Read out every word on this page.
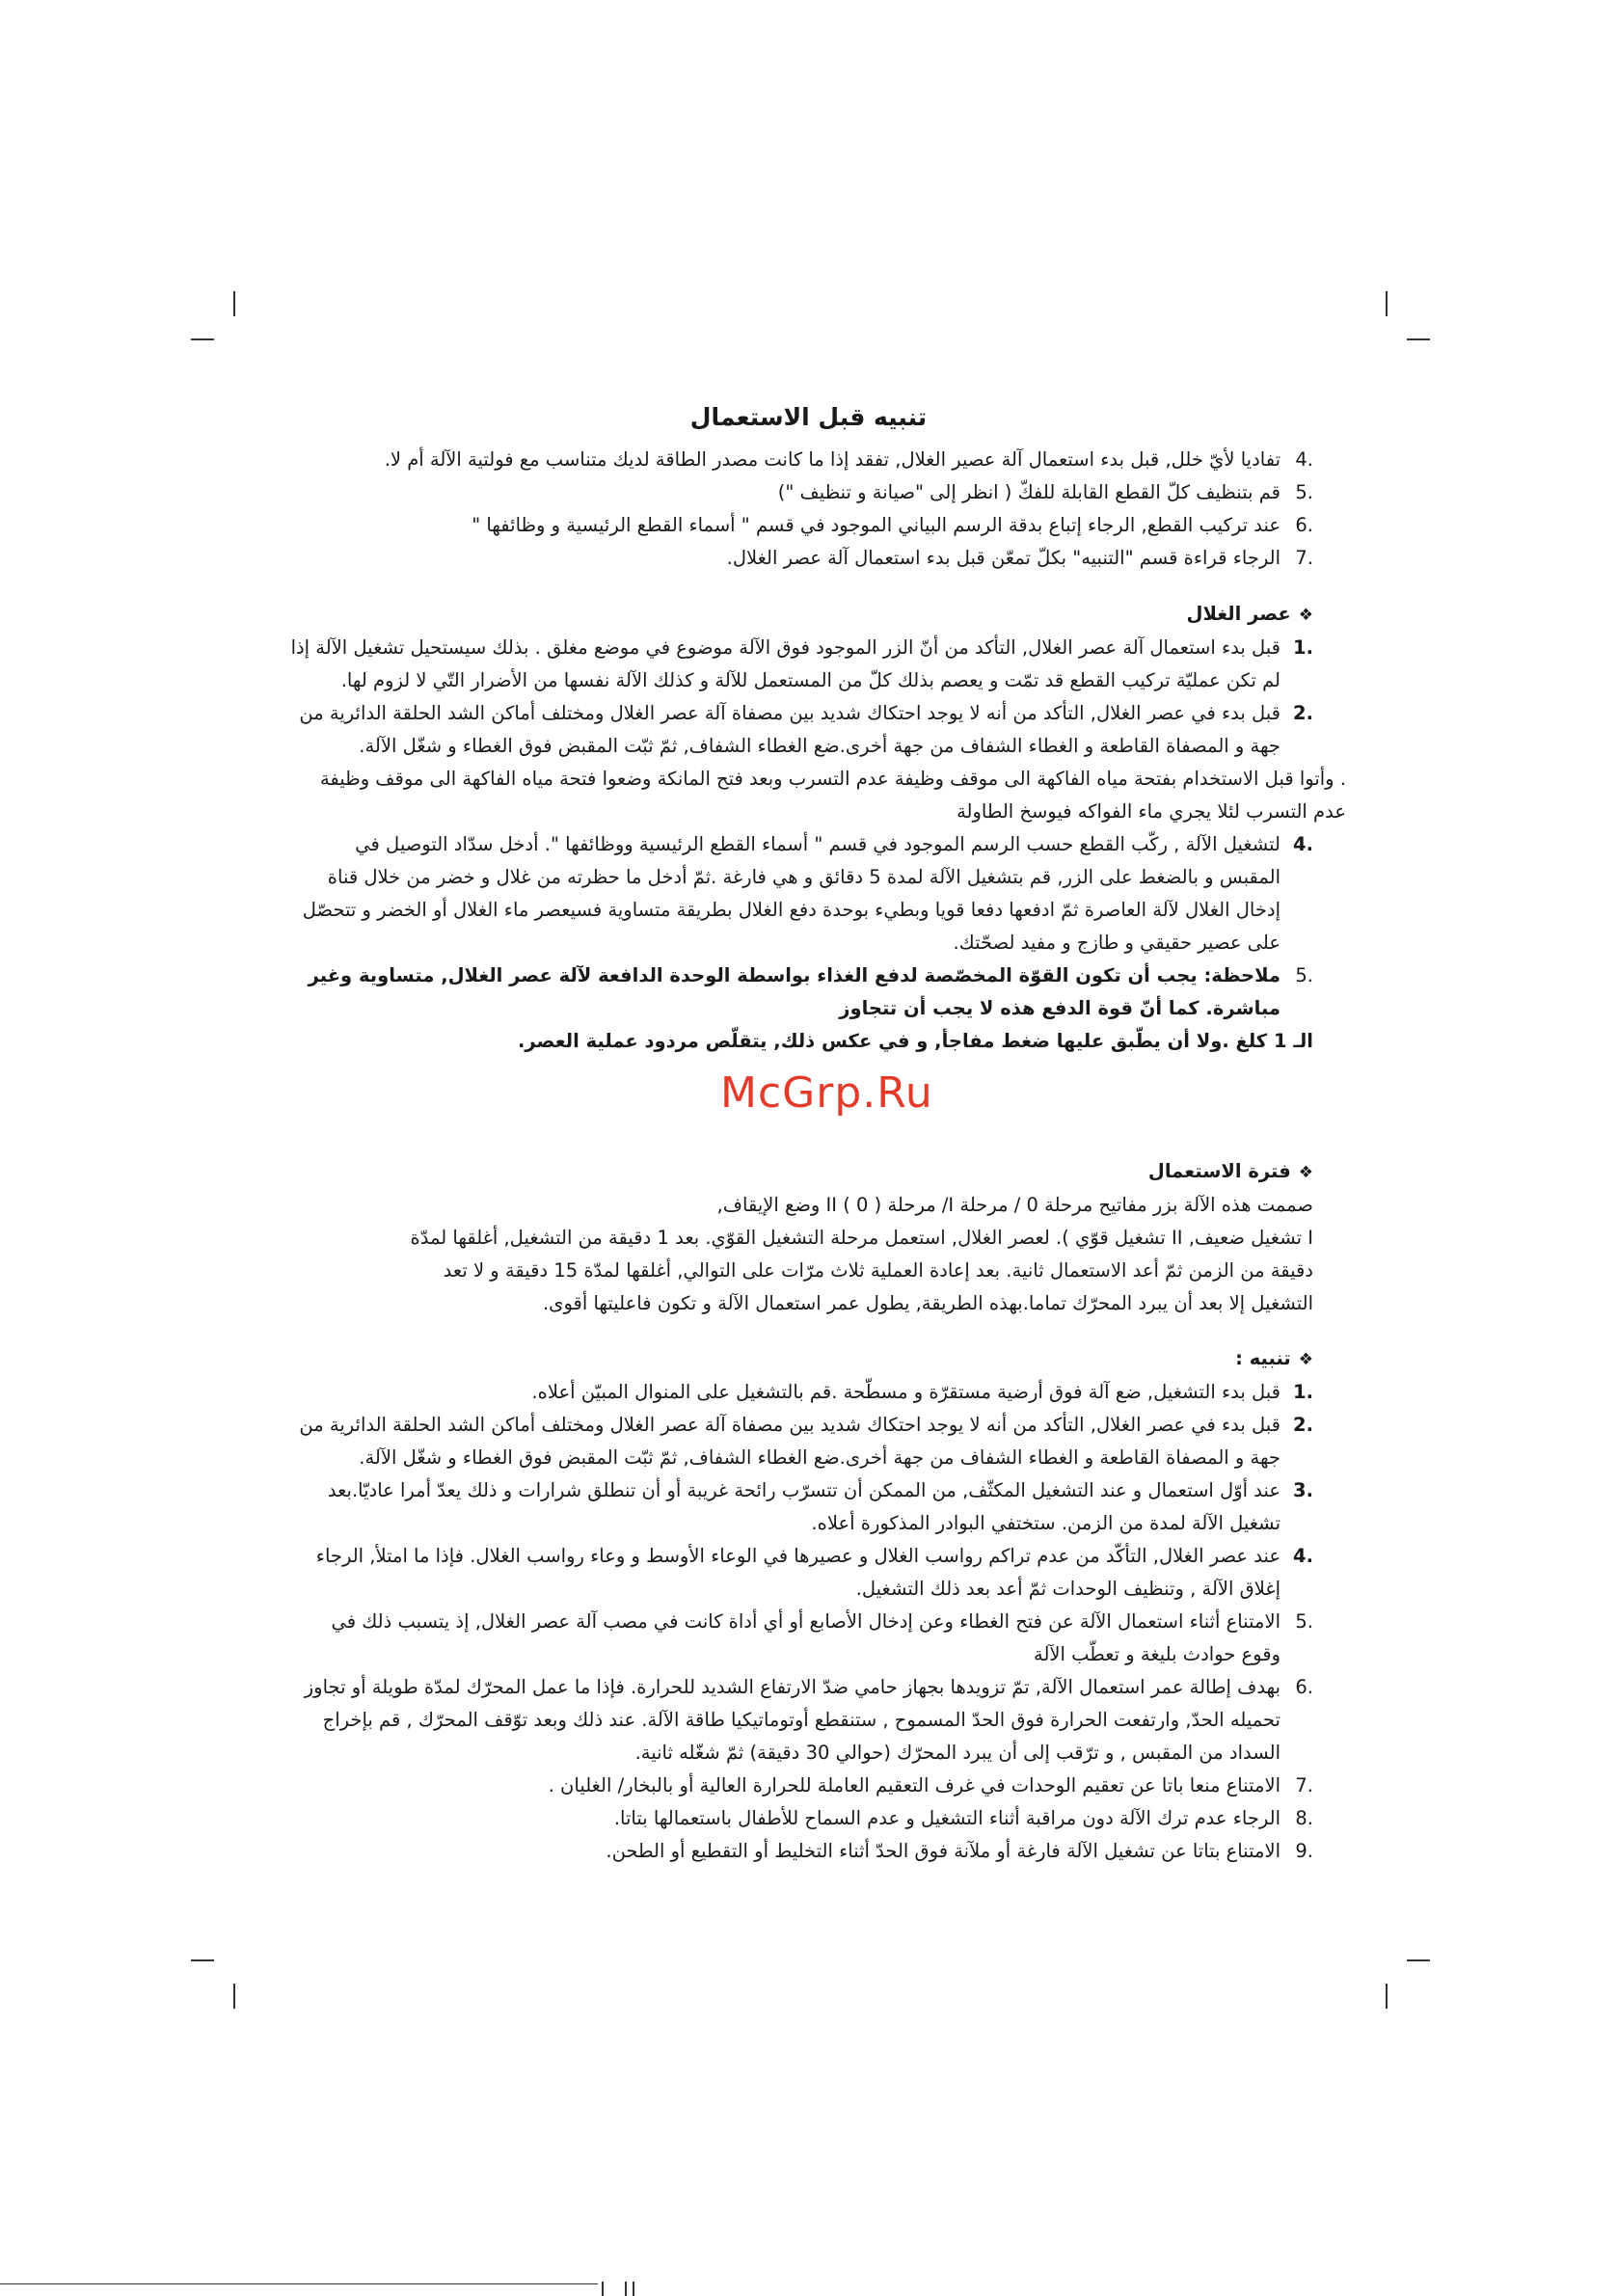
تنبيه قبل الاستعمال
4.
تفاديا لأيّ خلل, قبل بدء استعمال آلة عصير الغلال, تفقد إذا ما كانت مصدر الطاقة لديك متناسب مع فولتية الآلة أم لا.
5.
قم بتنظيف كلّ القطع القابلة للفكّ ( انظر إلى "صيانة و تنظيف ")
6.
عند تركيب القطع, الرجاء إتباع بدقة الرسم البياني الموجود في قسم " أسماء القطع الرئيسية و وظائفها "
7.
الرجاء قراءة قسم "التنبيه" بكلّ تمعّن قبل بدء استعمال آلة عصر الغلال.

❖عصر الغلال

1.
قبل بدء استعمال آلة عصر الغلال, التأكد من أنّ الزر الموجود فوق الآلة موضوع في موضع مغلق . بذلك سيستحيل تشغيل الآلة إذا لم تكن عمليّة تركيب القطع قد تمّت و يعصم بذلك كلّ من المستعمل للآلة و كذلك الآلة نفسها من الأضرار التّي لا لزوم لها.
2.
قبل بدء في عصر الغلال, التأكد من أنه لا يوجد احتكاك شديد بين مصفاة آلة عصر الغلال ومختلف أماكن الشد الحلقة الدائرية من جهة و المصفاة القاطعة و الغطاء الشفاف من جهة أخرى.ضع الغطاء الشفاف, ثمّ ثبّت المقبض فوق الغطاء و شغّل الآلة.

. وأتوا قبل الاستخدام بفتحة مياه الفاكهة الى موقف وظيفة عدم التسرب وبعد فتح المانكة وضعوا فتحة مياه الفاكهة الى موقف وظيفة عدم التسرب لئلا يجري ماء الفواكه فيوسخ الطاولة

4.
لتشغيل الآلة , ركّب القطع حسب الرسم الموجود في قسم " أسماء القطع الرئيسية ووظائفها ". أدخل سدّاد التوصيل في المقبس و بالضغط على الزر, قم بتشغيل الآلة لمدة 5 دقائق و هي فارغة .ثمّ أدخل ما حظرته من غلال و خضر من خلال قناة إدخال الغلال لآلة العاصرة ثمّ ادفعها دفعا قويا وبطيء بوحدة دفع الغلال بطريقة متساوية فسيعصر ماء الغلال أو الخضر و تتحصّل على عصير حقيقي و طازج و مفيد لصحّتك.
5.
ملاحظة: يجب أن تكون القوّة المخصّصة لدفع الغذاء بواسطة الوحدة الدافعة لآلة عصر الغلال, متساوية وغير مباشرة. كما أنّ قوة الدفع هذه لا يجب أن تتجاوز

الـ 1 كلغ .ولا أن يطّبق عليها ضغط مفاجأ, و في عكس ذلك, يتقلّص مردود عملية العصر.

McGrp.Ru

❖فترة الاستعمال

صممت هذه الآلة بزر مفاتيح مرحلة 0 / مرحلة I/ مرحلة II ( 0 ) وضع الإيقاف,

I تشغيل ضعيف, II تشغيل قوّي ). لعصر الغلال, استعمل مرحلة التشغيل القوّي. بعد 1 دقيقة من التشغيل, أغلقها لمدّة

دقيقة من الزمن ثمّ أعد الاستعمال ثانية. بعد إعادة العملية ثلاث مرّات على التوالي, أغلقها لمدّة 15 دقيقة و لا تعد

التشغيل إلا بعد أن يبرد المحرّك تماما.بهذه الطريقة, يطول عمر استعمال الآلة و تكون فاعليتها أقوى.

❖تنبيه :

1.
قبل بدء التشغيل, ضع آلة فوق أرضية مستقرّة و مسطّحة .قم بالتشغيل على المنوال المبيّن أعلاه.
2.
قبل بدء في عصر الغلال, التأكد من أنه لا يوجد احتكاك شديد بين مصفاة آلة عصر الغلال ومختلف أماكن الشد الحلقة الدائرية من جهة و المصفاة القاطعة و الغطاء الشفاف من جهة أخرى.ضع الغطاء الشفاف, ثمّ ثبّت المقبض فوق الغطاء و شغّل الآلة.
3.
عند أوّل استعمال و عند التشغيل المكثّف, من الممكن أن تتسرّب رائحة غريبة أو أن تنطلق شرارات و ذلك يعدّ أمرا عاديّا.بعد تشغيل الآلة لمدة من الزمن. ستختفي البوادر المذكورة أعلاه.
4.
عند عصر الغلال, التأكّد من عدم تراكم رواسب الغلال و عصيرها في الوعاء الأوسط و وعاء رواسب الغلال. فإذا ما امتلأ, الرجاء إغلاق الآلة , وتنظيف الوحدات ثمّ أعد بعد ذلك التشغيل.
5.
الامتناع أثناء استعمال الآلة عن فتح الغطاء وعن إدخال الأصابع أو أي أداة كانت في مصب آلة عصر الغلال, إذ يتسبب ذلك في وقوع حوادث بليغة و تعطّب الآلة
6.
بهدف إطالة عمر استعمال الآلة, تمّ تزويدها بجهاز حامي ضدّ الارتفاع الشديد للحرارة. فإذا ما عمل المحرّك لمدّة طويلة أو تجاوز تحميله الحدّ, وارتفعت الحرارة فوق الحدّ المسموح , ستنقطع أوتوماتيكيا طاقة الآلة. عند ذلك وبعد توّقف المحرّك , قم بإخراج السداد من المقبس , و ترّقب إلى أن يبرد المحرّك (حوالي 30 دقيقة) ثمّ شغّله ثانية.
7.
الامتناع منعا باتا عن تعقيم الوحدات في غرف التعقيم العاملة للحرارة العالية أو بالبخار/ الغليان .
8.
الرجاء عدم ترك الآلة دون مراقبة أثناء التشغيل و عدم السماح للأطفال باستعمالها بتاتا.
9.
الامتناع بتاتا عن تشغيل الآلة فارغة أو ملآنة فوق الحدّ أثناء التخليط أو التقطيع أو الطحن.
